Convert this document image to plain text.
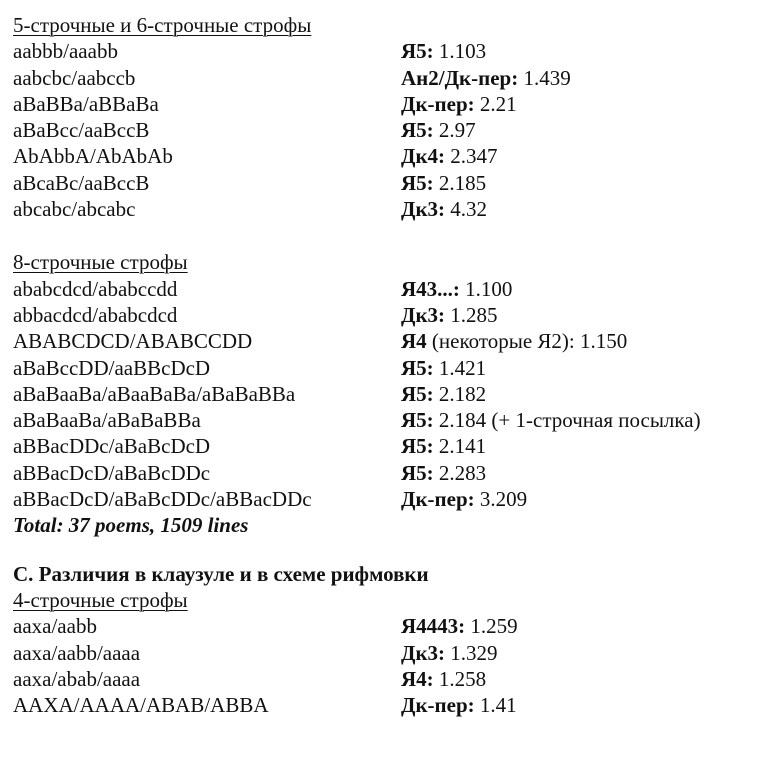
5-строчные и 6-строчные строфы
aabbb/aaabb	Я5: 1.103
aabcbc/aabccb	Ан2/Дк-пер: 1.439
aBaBBa/aBBaBa	Дк-пер: 2.21
aBaBcc/aaBccB	Я5: 2.97
AbAbbA/AbAbAb	Дк4: 2.347
aBcaBc/aaBccB	Я5: 2.185
abcabc/abcabc	Дк3: 4.32
8-строчные строфы
ababcdcd/ababccdd	Я43...: 1.100
abbacdcd/ababcdcd	Дк3: 1.285
ABABCDCD/ABABCCDD	Я4 (некоторые Я2): 1.150
aBaBccDD/aaBBcDcD	Я5: 1.421
aBaBaaBa/aBaaBaBa/aBaBaBBa	Я5: 2.182
aBaBaaBa/aBaBaBBa	Я5: 2.184 (+ 1-строчная посылка)
aBBacDDc/aBaBcDcD	Я5: 2.141
aBBacDcD/aBaBcDDc	Я5: 2.283
aBBacDcD/aBaBcDDc/aBBacDDc	Дк-пер: 3.209
Total: 37 poems, 1509 lines
С. Различия в клаузуле и в схеме рифмовки
4-строчные строфы
aaxa/aabb	Я4443: 1.259
aaxa/aabb/aaaa	Дк3: 1.329
aaxa/abab/aaaa	Я4: 1.258
AAXA/AAAA/ABAB/ABBA	Дк-пер: 1.41
